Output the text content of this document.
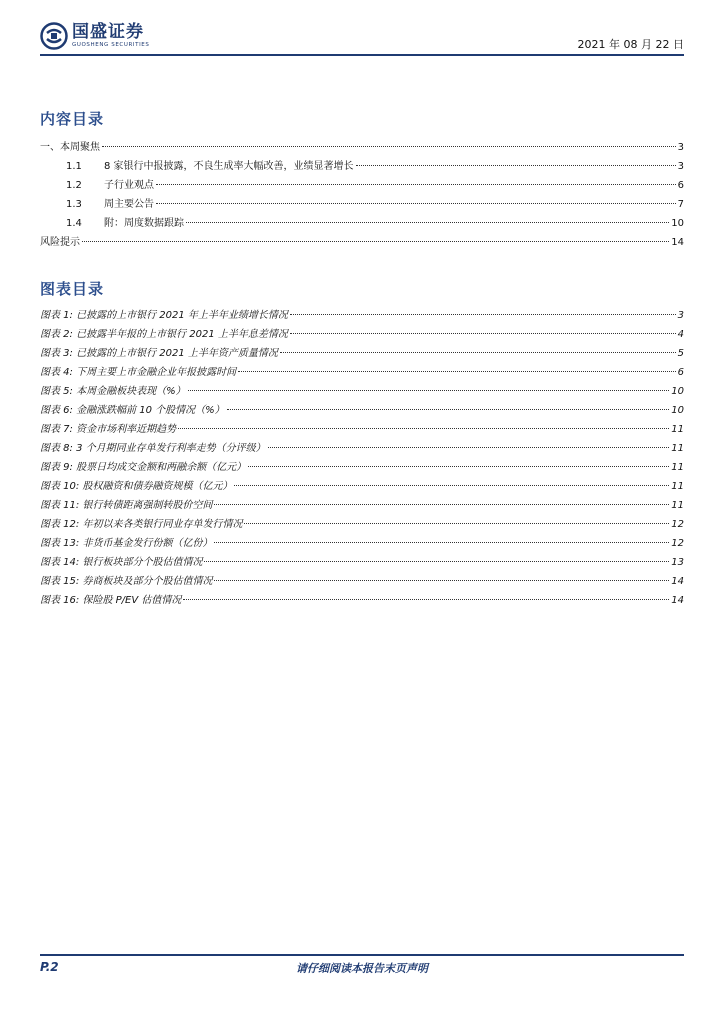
国盛证券
GUOSHENG SECURITIES	2021 年 08 月 22 日
内容目录
一、本周聚焦	3
1.1 8 家银行中报披露，不良生成率大幅改善，业绩显著增长	3
1.2 子行业观点	6
1.3 周主要公告	7
1.4 附：周度数据跟踪	10
风险提示	14
图表目录
图表 1: 已披露的上市银行 2021 年上半年业绩增长情况	3
图表 2: 已披露半年报的上市银行 2021 上半年息差情况	4
图表 3: 已披露的上市银行 2021 上半年资产质量情况	5
图表 4: 下周主要上市金融企业年报披露时间	6
图表 5: 本周金融板块表现（%）	10
图表 6: 金融涨跌幅前 10 个股情况（%）	10
图表 7: 资金市场利率近期趋势	11
图表 8: 3 个月期同业存单发行利率走势（分评级）	11
图表 9: 股票日均成交金额和两融余额（亿元）	11
图表 10: 股权融资和债券融资规模（亿元）	11
图表 11: 银行转债距离强制转股价空间	11
图表 12: 年初以来各类银行同业存单发行情况	12
图表 13: 非货币基金发行份额（亿份）	12
图表 14: 银行板块部分个股估值情况	13
图表 15: 券商板块及部分个股估值情况	14
图表 16: 保险股 P/EV 估值情况	14
P.2	请仔细阅读本报告末页声明
